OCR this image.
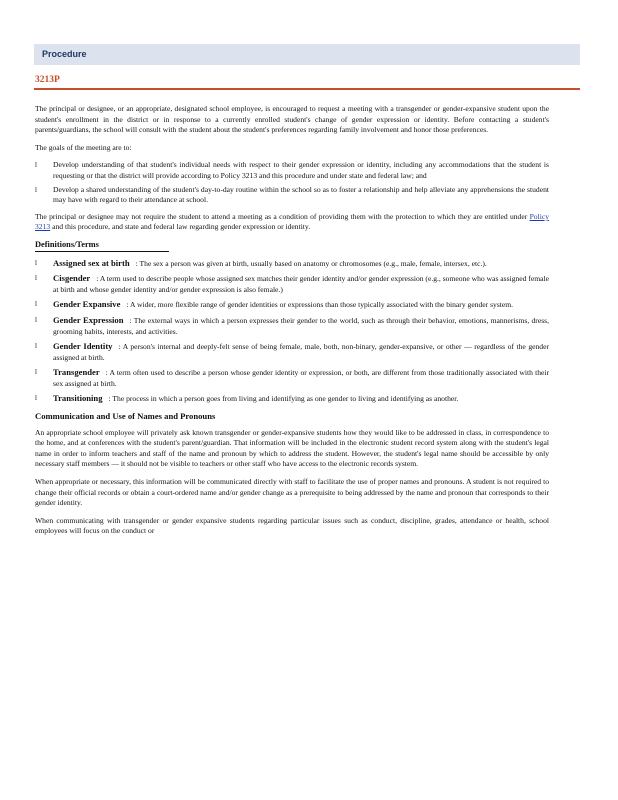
Procedure
3213P

The principal or designee, or an appropriate, designated school employee, is encouraged to request a meeting with a transgender or gender-expansive student upon the student's enrollment in the district or in response to a currently enrolled student's change of gender expression or identity. Before contacting a student's parents/guardians, the school will consult with the student about the student's preferences regarding family involvement and honor those preferences.

The goals of the meeting are to:

l Develop understanding of that student's individual needs with respect to their gender expression or identity, including any accommodations that the student is requesting or that the district will provide according to Policy 3213 and this procedure and under state and federal law; and
l Develop a shared understanding of the student's day-to-day routine within the school so as to foster a relationship and help alleviate any apprehensions the student may have with regard to their attendance at school.

The principal or designee may not require the student to attend a meeting as a condition of providing them with the protection to which they are entitled under Policy 3213 and this procedure, and state and federal law regarding gender expression or identity.

Definitions/Terms
l Assigned sex at birth : The sex a person was given at birth, usually based on anatomy or chromosomes (e.g., male, female, intersex, etc.).
l Cisgender : A term used to describe people whose assigned sex matches their gender identity and/or gender expression (e.g., someone who was assigned female at birth and whose gender identity and/or gender expression is also female.)
l Gender Expansive : A wider, more flexible range of gender identities or expressions than those typically associated with the binary gender system.
l Gender Expression : The external ways in which a person expresses their gender to the world, such as through their behavior, emotions, mannerisms, dress, grooming habits, interests, and activities.
l Gender Identity : A person's internal and deeply-felt sense of being female, male, both, non-binary, gender-expansive, or other — regardless of the gender assigned at birth.
l Transgender : A term often used to describe a person whose gender identity or expression, or both, are different from those traditionally associated with their sex assigned at birth.
l Transitioning : The process in which a person goes from living and identifying as one gender to living and identifying as another.
Communication and Use of Names and Pronouns

An appropriate school employee will privately ask known transgender or gender-expansive students how they would like to be addressed in class, in correspondence to the home, and at conferences with the student's parent/guardian. That information will be included in the electronic student record system along with the student's legal name in order to inform teachers and staff of the name and pronoun by which to address the student. However, the student's legal name should be accessible by only necessary staff members — it should not be visible to teachers or other staff who have access to the electronic records system.

When appropriate or necessary, this information will be communicated directly with staff to facilitate the use of proper names and pronouns. A student is not required to change their official records or obtain a court-ordered name and/or gender change as a prerequisite to being addressed by the name and pronoun that corresponds to their gender identity.

When communicating with transgender or gender expansive students regarding particular issues such as conduct, discipline, grades, attendance or health, school employees will focus on the conduct or
